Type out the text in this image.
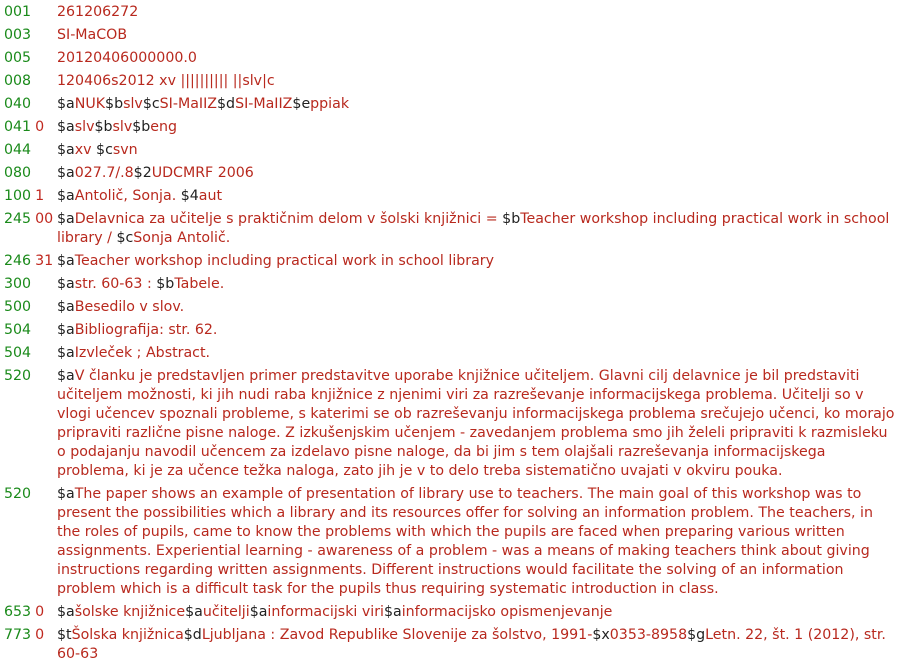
001	261206272
003	SI-MaCOB
005	20120406000000.0
008	120406s2012 xv |||||||||| ||slv|c
040	$aNUK$bslv$cSI-MaIIZ$dSI-MaIIZ$eppiak
041 0 $aslv$bslv$beng
044	$axv $csvn
080	$a027.7/.8$2UDCMRF 2006
100 1 $aAntolič, Sonja. $4aut
245 00 $aDelavnica za učitelje s praktičnim delom v šolski knjižnici = $bTeacher workshop including practical work in school library / $cSonja Antolič.
246 31 $aTeacher workshop including practical work in school library
300	$astr. 60-63 : $bTabele.
500	$aBesedilo v slov.
504	$aBibliografija: str. 62.
504	$aIzvleček ; Abstract.
520	$aV članku je predstavljen primer predstavitve uporabe knjižnice učiteljem. Glavni cilj delavnice je bil predstaviti učiteljem možnosti, ki jih nudi raba knjižnice z njenimi viri za razreševanje informacijskega problema. Učitelji so v vlogi učencev spoznali probleme, s katerimi se ob razreševanju informacijskega problema srečujejo učenci, ko morajo pripraviti različne pisne naloge. Z izkušenjskim učenjem - zavedanjem problema smo jih želeli pripraviti k razmisleku o podajanju navodil učencem za izdelavo pisne naloge, da bi jim s tem olajšali razreševanja informacijskega problema, ki je za učence težka naloga, zato jih je v to delo treba sistematično uvajati v okviru pouka.
520	$aThe paper shows an example of presentation of library use to teachers. The main goal of this workshop was to present the possibilities which a library and its resources offer for solving an information problem. The teachers, in the roles of pupils, came to know the problems with which the pupils are faced when preparing various written assignments. Experiential learning - awareness of a problem - was a means of making teachers think about giving instructions regarding written assignments. Different instructions would facilitate the solving of an information problem which is a difficult task for the pupils thus requiring systematic introduction in class.
653 0 $ašolske knjižnice$aučitelji$ainformacijski viri$ainformacijsko opismenjevanje
773 0 $tŠolska knjižnica$dLjubljana : Zavod Republike Slovenije za šolstvo, 1991-$x0353-8958$gLetn. 22, št. 1 (2012), str. 60-63
